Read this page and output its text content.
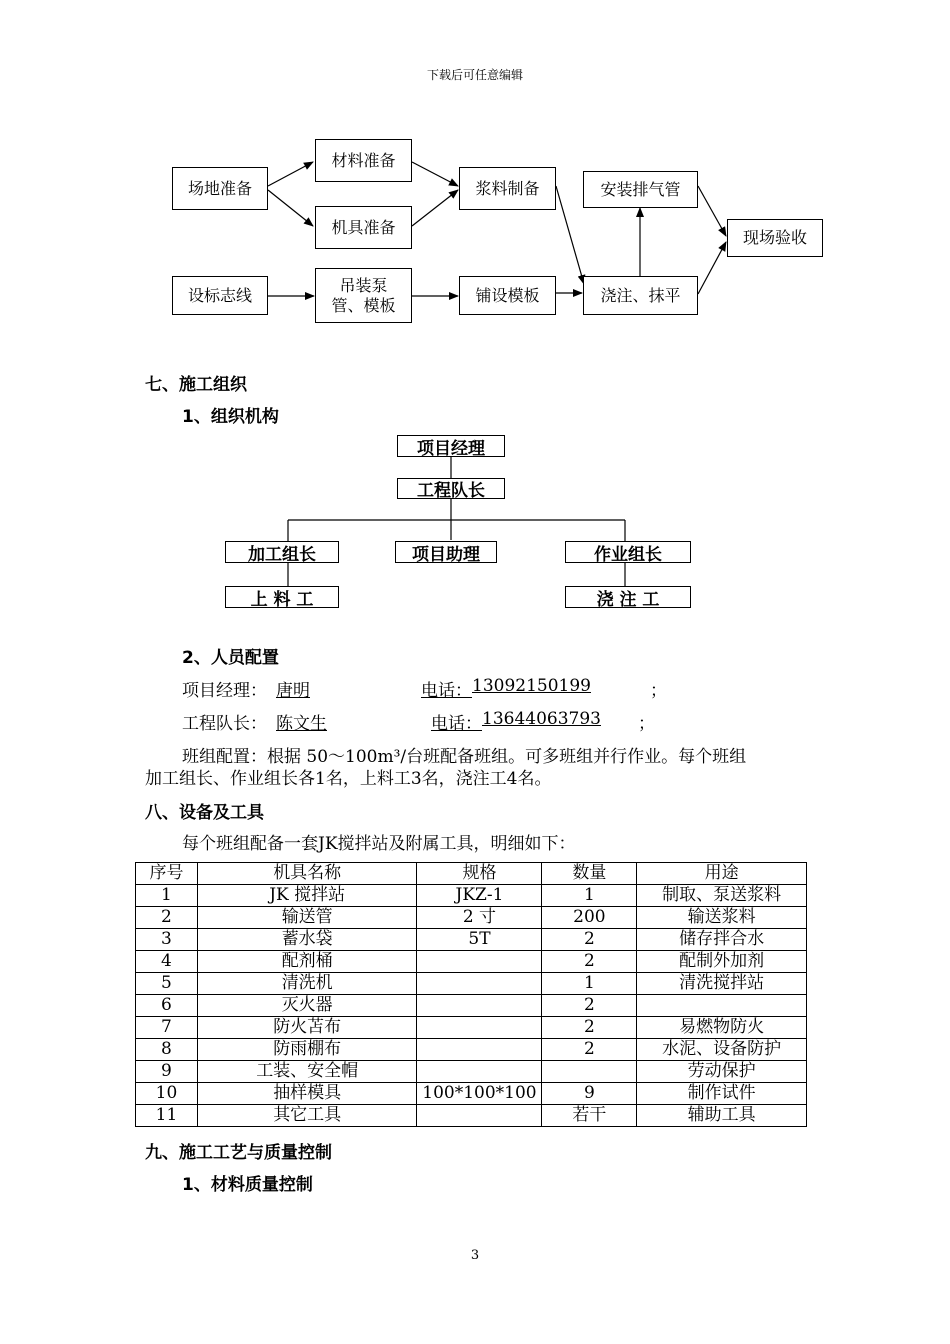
下载后可任意编辑
场地准备
材料准备
机具准备
浆料制备	安装排气管
现场验收
设标志线
吊装泵
管、模板
铺设模板	浇注、抹平
七、施工组织
1、组织机构
项目经理
工程队长
加工组长	项目助理	作业组长
上 料 工	浇 注 工
2、人员配置
项目经理： 唐明	电话： 13092150199	；
工程队长： 陈文生	电话： 13644063793	；
班组配置：根据 50～100m³/台班配备班组。可多班组并行作业。每个班组
加工组长、作业组长各1名，上料工3名，浇注工4名。
八、设备及工具
每个班组配备一套JK搅拌站及附属工具，明细如下：
序号	机具名称	规格	数量	用途
1	JK 搅拌站	JKZ-1	1	制取、泵送浆料
2	输送管	2 寸	200	输送浆料
3	蓄水袋	5T	2	储存拌合水
4	配剂桶		2	配制外加剂
5	清洗机		1	清洗搅拌站
6	灭火器		2	
7	防火苫布		2	易燃物防火
8	防雨棚布		2	水泥、设备防护
9	工装、安全帽			劳动保护
10	抽样模具	100*100*100	9	制作试件
11	其它工具		若干	辅助工具
九、施工工艺与质量控制
1、材料质量控制
3
